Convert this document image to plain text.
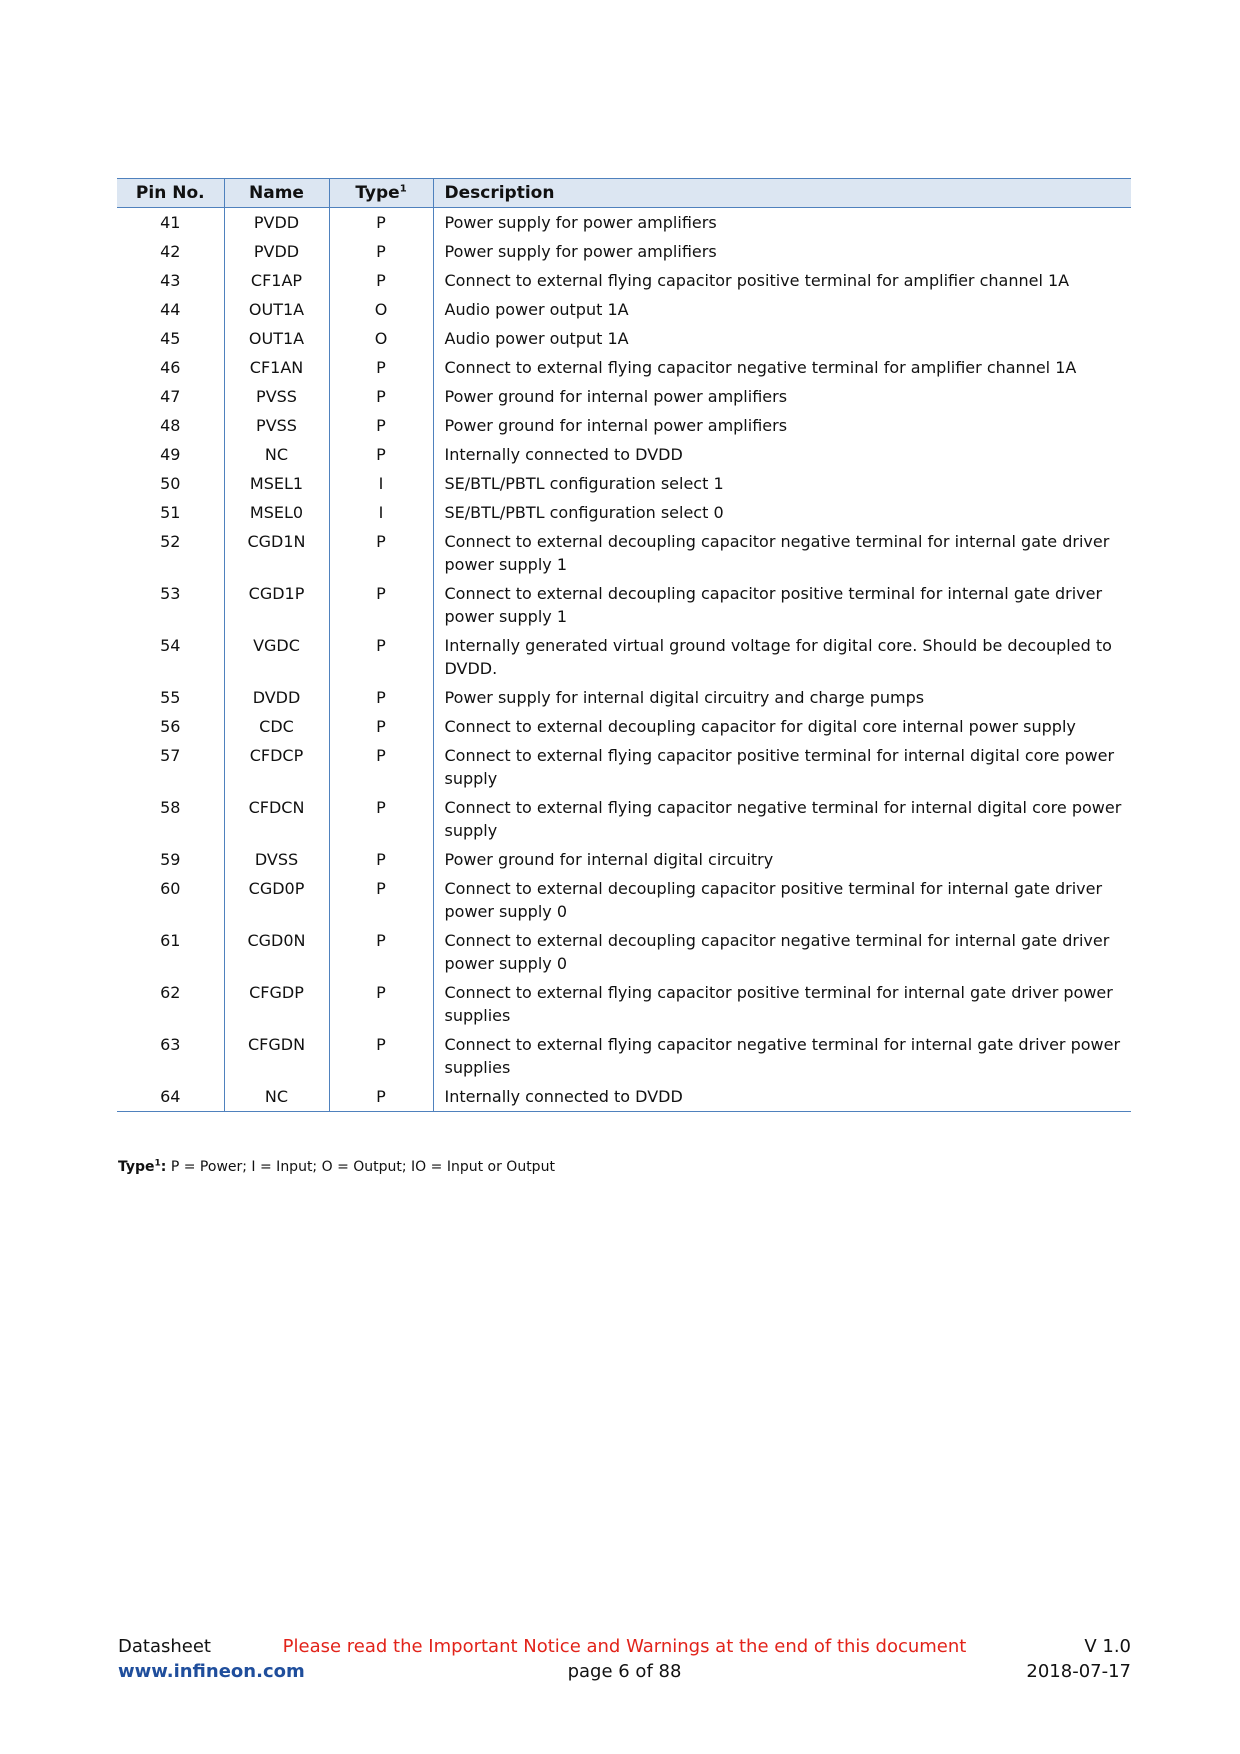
Pin No.	Name	Type$^1$	Description
41	PVDD	P	Power supply for power amplifiers
42	PVDD	P	Power supply for power amplifiers
43	CF1AP	P	Connect to external flying capacitor positive terminal for amplifier channel 1A
44	OUT1A	O	Audio power output 1A
45	OUT1A	O	Audio power output 1A
46	CF1AN	P	Connect to external flying capacitor negative terminal for amplifier channel 1A
47	PVSS	P	Power ground for internal power amplifiers
48	PVSS	P	Power ground for internal power amplifiers
49	NC	P	Internally connected to DVDD
50	MSEL1	I	SE/BTL/PBTL configuration select 1
51	MSEL0	I	SE/BTL/PBTL configuration select 0
52	CGD1N	P	Connect to external decoupling capacitor negative terminal for internal gate driver power supply 1
53	CGD1P	P	Connect to external decoupling capacitor positive terminal for internal gate driver power supply 1
54	VGDC	P	Internally generated virtual ground voltage for digital core. Should be decoupled to DVDD.
55	DVDD	P	Power supply for internal digital circuitry and charge pumps
56	CDC	P	Connect to external decoupling capacitor for digital core internal power supply
57	CFDCP	P	Connect to external flying capacitor positive terminal for internal digital core power supply
58	CFDCN	P	Connect to external flying capacitor negative terminal for internal digital core power supply
59	DVSS	P	Power ground for internal digital circuitry
60	CGD0P	P	Connect to external decoupling capacitor positive terminal for internal gate driver power supply 0
61	CGD0N	P	Connect to external decoupling capacitor negative terminal for internal gate driver power supply 0
62	CFGDP	P	Connect to external flying capacitor positive terminal for internal gate driver power supplies
63	CFGDN	P	Connect to external flying capacitor negative terminal for internal gate driver power supplies
64	NC	P	Internally connected to DVDD
Type$^1$: P = Power; I = Input; O = Output; IO = Input or Output
Datasheet
www.infineon.com
Please read the Important Notice and Warnings at the end of this document
page 6 of 88
V 1.0
2018-07-17
